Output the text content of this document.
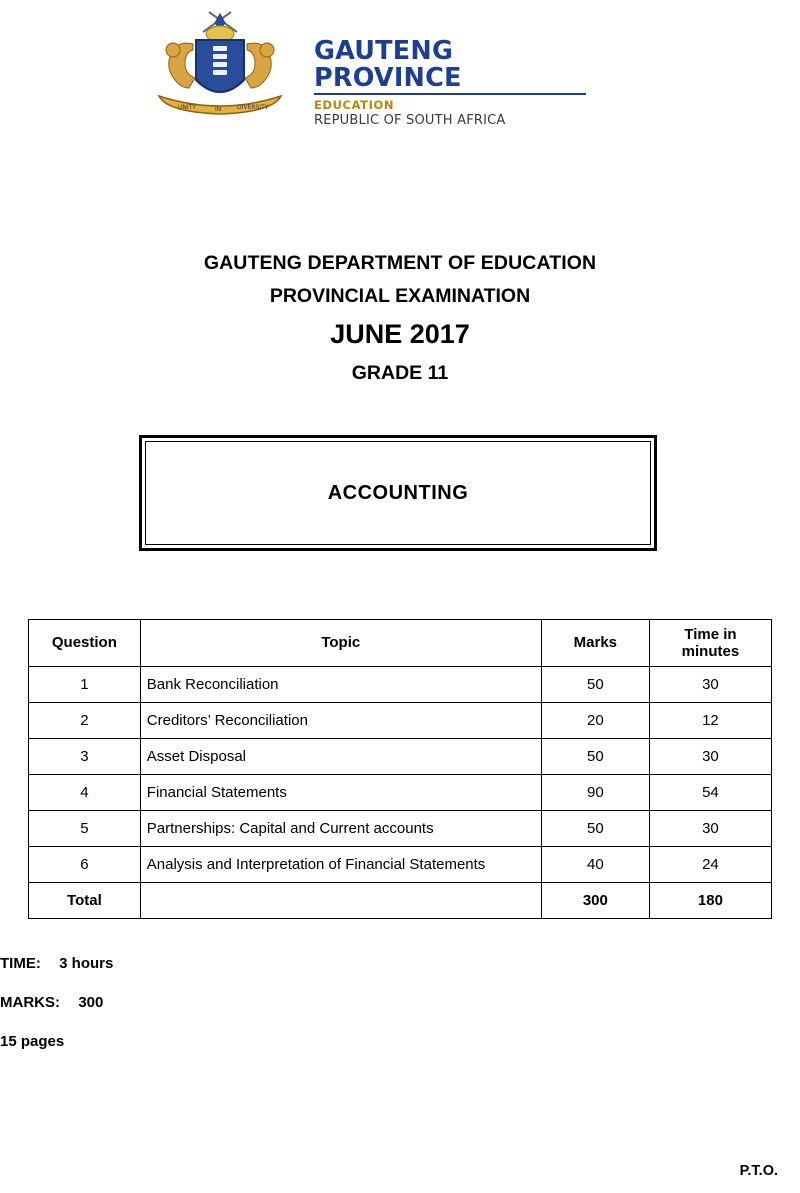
UNITY	IN	DIVERSITY
GAUTENG PROVINCE
EDUCATION
REPUBLIC OF SOUTH AFRICA
GAUTENG DEPARTMENT OF EDUCATION
PROVINCIAL EXAMINATION
JUNE 2017
GRADE 11
ACCOUNTING
Question	Topic	Marks	Time in minutes
1	Bank Reconciliation	50	30
2	Creditors’ Reconciliation	20	12
3	Asset Disposal	50	30
4	Financial Statements	90	54
5	Partnerships: Capital and Current accounts	50	30
6	Analysis and Interpretation of Financial Statements	40	24
Total		300	180
TIME: 3 hours
MARKS: 300
15 pages
P.T.O.
